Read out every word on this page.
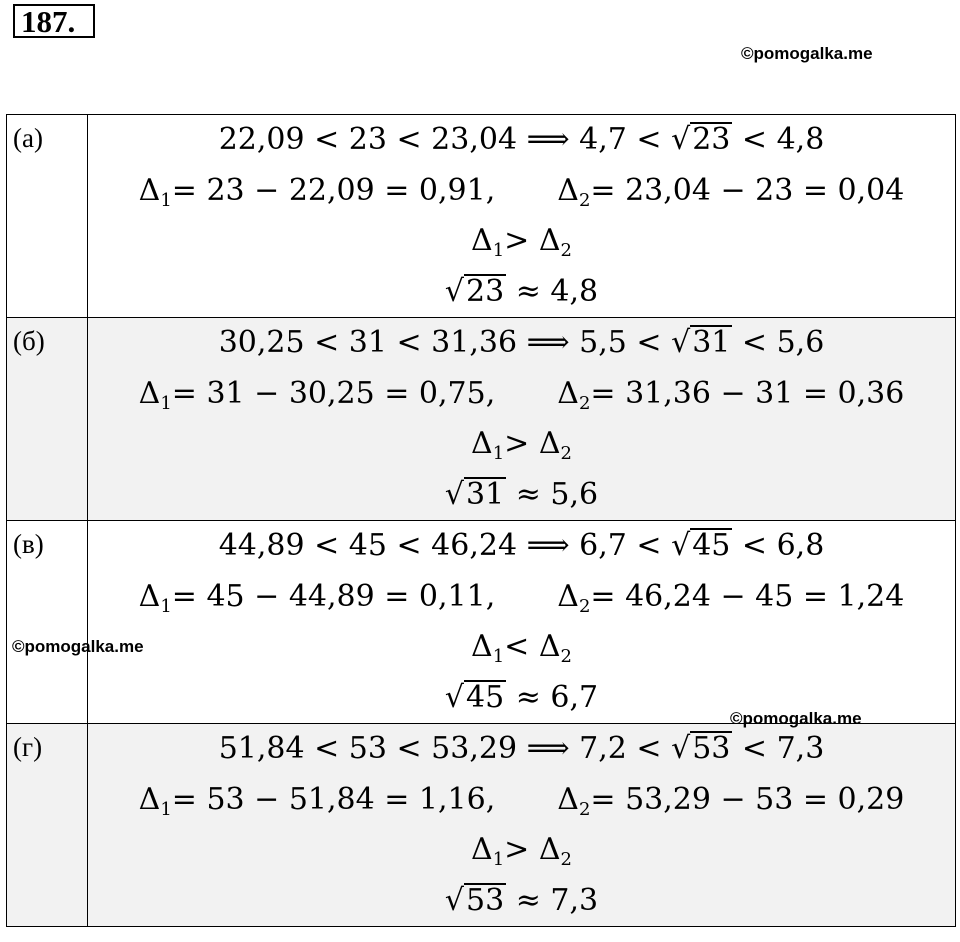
187.
©pomogalka.me
(а)	22,09 < 23 < 23,04 ⟹ 4,7 < √23 < 4,8
$\Delta_1= 23 - 22,09 = 0,91$, $\Delta_2= 23,04 - 23 = 0,04$
$\Delta_1> \Delta_2$
√23 ≈ 4,8

(б)	30,25 < 31 < 31,36 ⟹ 5,5 < √31 < 5,6
$\Delta_1= 31 - 30,25 = 0,75$, $\Delta_2= 31,36 - 31 = 0,36$
$\Delta_1> \Delta_2$
√31 ≈ 5,6

(в)	44,89 < 45 < 46,24 ⟹ 6,7 < √45 < 6,8
$\Delta_1= 45 - 44,89 = 0,11$, $\Delta_2= 46,24 - 45 = 1,24$
$\Delta_1< \Delta_2$
√45 ≈ 6,7

(г)	51,84 < 53 < 53,29 ⟹ 7,2 < √53 < 7,3
$\Delta_1= 53 - 51,84 = 1,16$, $\Delta_2= 53,29 - 53 = 0,29$
$\Delta_1> \Delta_2$
√53 ≈ 7,3
©pomogalka.me
©pomogalka.me
